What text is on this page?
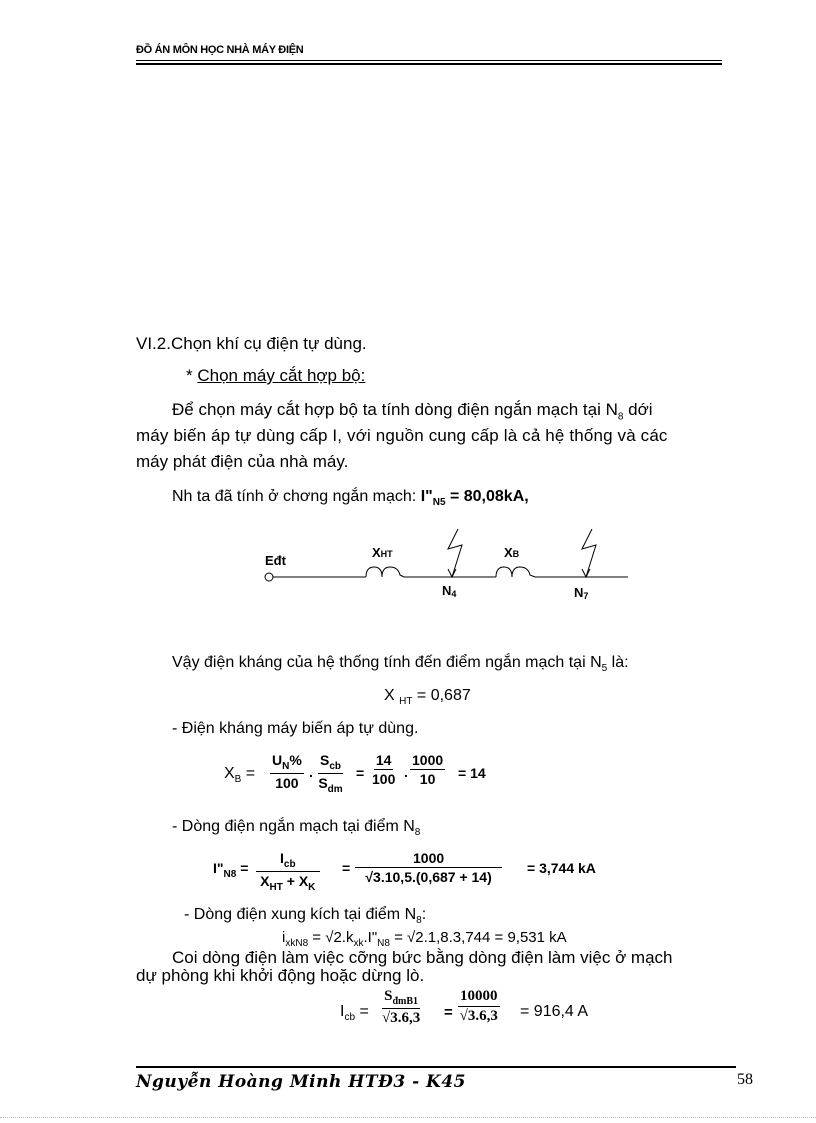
ĐỒ ÁN MÔN HỌC NHÀ MÁY ĐIỆN
VI.2.Chọn khí cụ điện tự dùng.
* Chọn máy cắt hợp bộ:
Để chọn máy cắt hợp bộ ta tính dòng điện ngắn mạch tại $N_8$ dới
máy biến áp tự dùng cấp I, với nguồn cung cấp là cả hệ thống và các
máy phát điện của nhà máy.
Nh ta đã tính ở chơng ngắn mạch: $I"_{N5} = 80,08kA$,
Eđt
XHT	XB
N4	N7
Vậy điện kháng của hệ thống tính đến điểm ngắn mạch tại $N_5$ là:
X $_{HT}$ = 0,687
- Điện kháng máy biến áp tự dùng.
$X_B = \frac{U_N\%}{100}$ .
$S_{cb}$
$S_{dm}$
= $\frac{14}{100}$ . $\frac{1000}{10} = 14$
- Dòng điện ngắn mạch tại điểm $N_8$
$I"_{N8}$ =
$I_{cb}$
$X_{HT} + X_K$
= $\frac{1000}{√3.10,5.(0,687 + 14)} = 3,744$ kA
- Dòng điện xung kích tại điểm $N_8$:
$i_{xkN8}$ = $√2.k_{xk}.I"_{N8} = √2.1,8.3,744 = 9,531$ kA
Coi dòng điện làm việc cỡng bức bằng dòng điện làm việc ở mạch
dự phòng khi khởi động hoặc dừng lò.
$I_{cb}$ =
$S_{đmB1}$
$√3.6,3 = \frac{10000}{√3.6,3} = 916,4$ A
Nguyễn Hoàng Minh HTĐ3 - K45	58
